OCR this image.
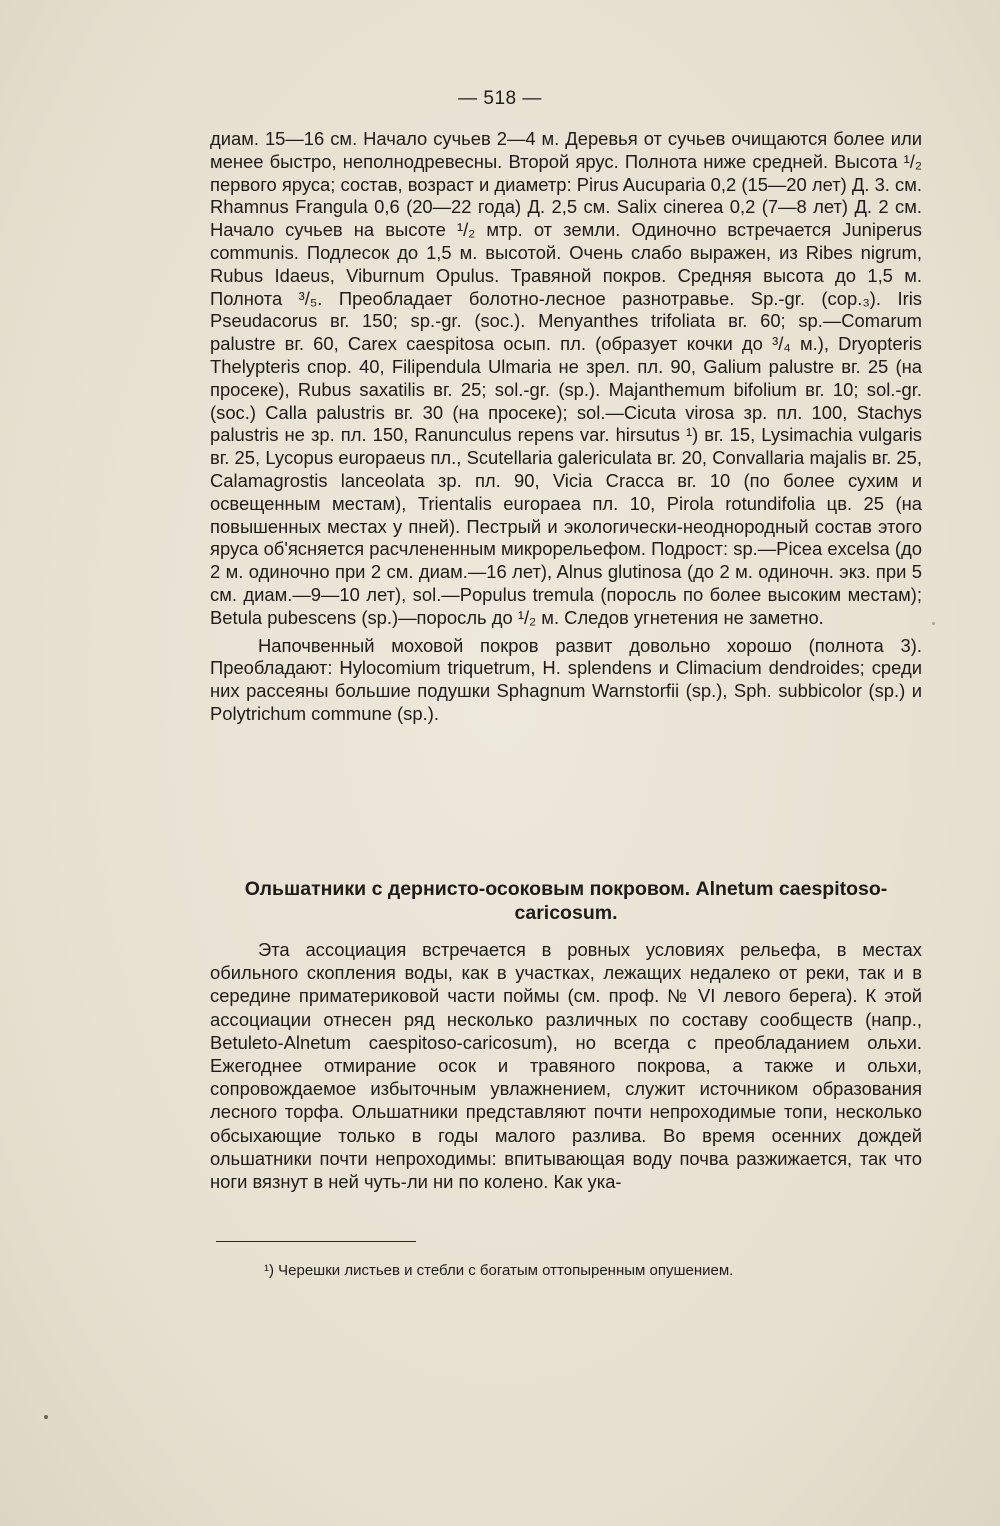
— 518 —

диам. 15—16 см. Начало сучьев 2—4 м. Деревья от сучьев очищаются более или менее быстро, неполнодревесны. Второй ярус. Полнота ниже средней. Высота ¹/₂ первого яруса; состав, возраст и диаметр: Pirus Aucuparia 0,2 (15—20 лет) Д. 3. см. Rhamnus Frangula 0,6 (20—22 года) Д. 2,5 см. Salix cinerea 0,2 (7—8 лет) Д. 2 см. Начало сучьев на высоте ¹/₂ мтр. от земли. Одиночно встречается Juniperus communis. Подлесок до 1,5 м. высотой. Очень слабо выражен, из Ribes nigrum, Rubus Idaeus, Viburnum Opulus. Травяной покров. Средняя высота до 1,5 м. Полнота ³/₅. Преобладает болотно-лесное разнотравье. Sp.-gr. (cop.₃). Iris Pseudacorus вг. 150; sp.-gr. (soc.). Menyanthes trifoliata вг. 60; sp.—Comarum palustre вг. 60, Carex caespitosa осып. пл. (образует кочки до ³/₄ м.), Dryopteris Thelypteris спор. 40, Filipendula Ulmaria не зрел. пл. 90, Galium palustre вг. 25 (на просеке), Rubus saxatilis вг. 25; sol.-gr. (sp.). Majanthemum bifolium вг. 10; sol.-gr. (soc.) Calla palustris вг. 30 (на просеке); sol.—Cicuta virosa зр. пл. 100, Stachys palustris не зр. пл. 150, Ranunculus repens var. hirsutus ¹) вг. 15, Lysimachia vulgaris вг. 25, Lycopus europaeus пл., Scutellaria galericulata вг. 20, Convallaria majalis вг. 25, Calamagrostis lanceolata зр. пл. 90, Vicia Cracca вг. 10 (по более сухим и освещенным местам), Trientalis europaea пл. 10, Pirola rotundifolia цв. 25 (на повышенных местах у пней). Пестрый и экологически-неоднородный состав этого яруса об'ясняется расчлененным микрорельефом. Подрост: sp.—Picea excelsa (до 2 м. одиночно при 2 см. диам.—16 лет), Alnus glutinosa (до 2 м. одиночн. экз. при 5 см. диам.—9—10 лет), sol.—Populus tremula (поросль по более высоким местам); Betula pubescens (sp.)—поросль до ¹/₂ м. Следов угнетения не заметно.

Напочвенный моховой покров развит довольно хорошо (полнота 3). Преобладают: Hylocomium triquetrum, H. splendens и Climacium dendroides; среди них рассеяны большие подушки Sphagnum Warnstorfii (sp.), Sph. subbicolor (sp.) и Polytrichum commune (sp.).

Ольшатники с дернисто-осоковым покровом. Alnetum caespitoso-caricosum.

Эта ассоциация встречается в ровных условиях рельефа, в местах обильного скопления воды, как в участках, лежащих недалеко от реки, так и в середине приматериковой части поймы (см. проф. № VI левого берега). К этой ассоциации отнесен ряд несколько различных по составу сообществ (напр., Betuleto-Alnetum caespitoso-caricosum), но всегда с преобладанием ольхи. Ежегоднее отмирание осок и травяного покрова, а также и ольхи, сопровождаемое избыточным увлажнением, служит источником образования лесного торфа. Ольшатники представляют почти непроходимые топи, несколько обсыхающие только в годы малого разлива. Во время осенних дождей ольшатники почти непроходимы: впитывающая воду почва разжижается, так что ноги вязнут в ней чуть-ли ни по колено. Как ука-

¹) Черешки листьев и стебли с богатым оттопыренным опушением.
